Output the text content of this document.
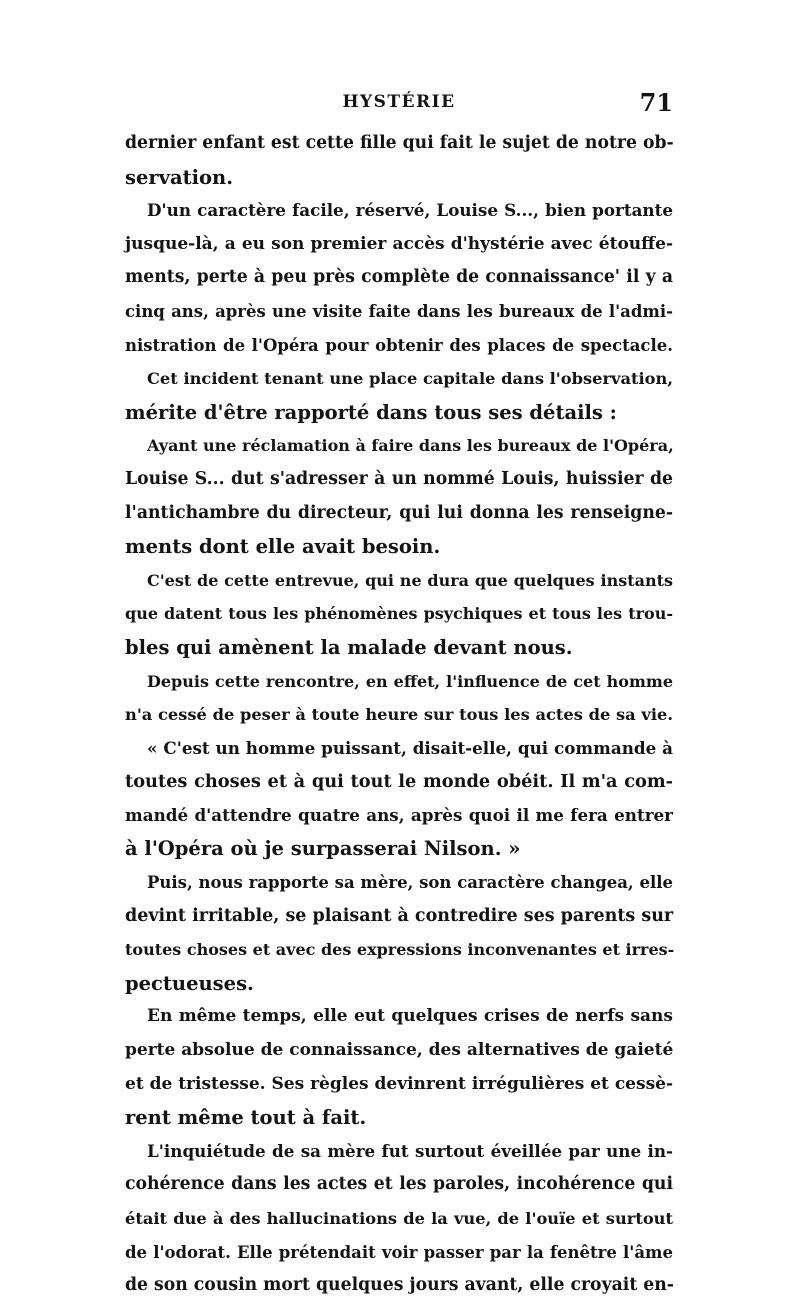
HYSTÉRIE	71
dernier enfant est cette fille qui fait le sujet de notre ob-
servation.
D'un caractère facile, réservé, Louise S..., bien portante
jusque-là, a eu son premier accès d'hystérie avec étouffe-
ments, perte à peu près complète de connaissance' il y a
cinq ans, après une visite faite dans les bureaux de l'admi-
nistration de l'Opéra pour obtenir des places de spectacle.
Cet incident tenant une place capitale dans l'observation,
mérite d'être rapporté dans tous ses détails :
Ayant une réclamation à faire dans les bureaux de l'Opéra,
Louise S... dut s'adresser à un nommé Louis, huissier de
l'antichambre du directeur, qui lui donna les renseigne-
ments dont elle avait besoin.
C'est de cette entrevue, qui ne dura que quelques instants
que datent tous les phénomènes psychiques et tous les trou-
bles qui amènent la malade devant nous.
Depuis cette rencontre, en effet, l'influence de cet homme
n'a cessé de peser à toute heure sur tous les actes de sa vie.
« C'est un homme puissant, disait-elle, qui commande à
toutes choses et à qui tout le monde obéit. Il m'a com-
mandé d'attendre quatre ans, après quoi il me fera entrer
à l'Opéra où je surpasserai Nilson. »
Puis, nous rapporte sa mère, son caractère changea, elle
devint irritable, se plaisant à contredire ses parents sur
toutes choses et avec des expressions inconvenantes et irres-
pectueuses.
En même temps, elle eut quelques crises de nerfs sans
perte absolue de connaissance, des alternatives de gaieté
et de tristesse. Ses règles devinrent irrégulières et cessè-
rent même tout à fait.
L'inquiétude de sa mère fut surtout éveillée par une in-
cohérence dans les actes et les paroles, incohérence qui
était due à des hallucinations de la vue, de l'ouïe et surtout
de l'odorat. Elle prétendait voir passer par la fenêtre l'âme
de son cousin mort quelques jours avant, elle croyait en-
